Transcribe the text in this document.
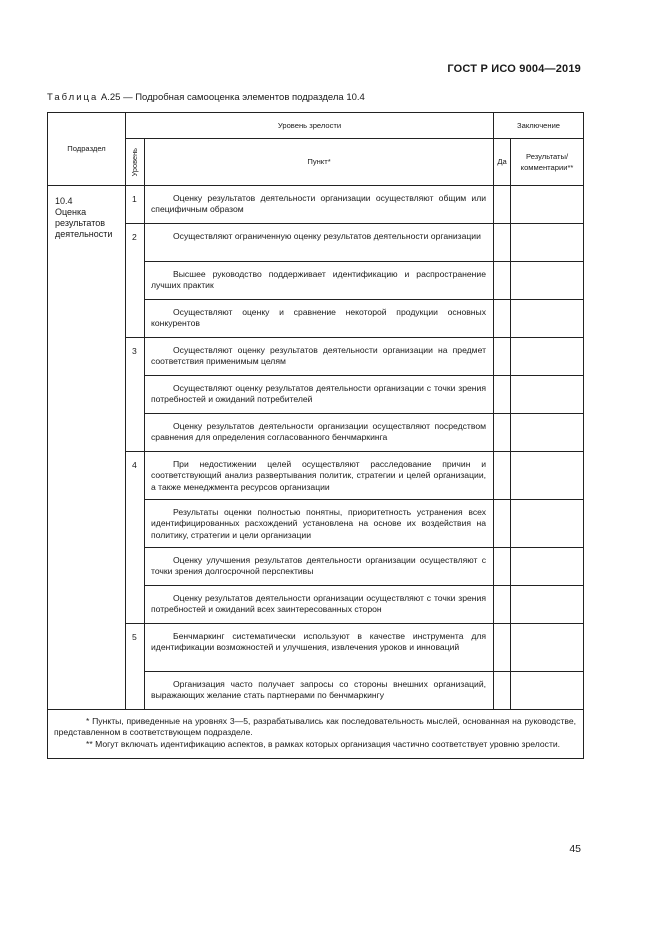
ГОСТ Р ИСО 9004—2019
Таблица А.25 — Подробная самооценка элементов подраздела 10.4
Подраздел	Уровень зрелости		Заключение	

	Уровень	Пункт*	Да	Результаты/ комментарии**

10.4
Оценка результатов деятельности	1	Оценку результатов деятельности организации осуществляют общим или специфичным образом		

	2	Осуществляют ограниченную оценку результатов деятельности организации		

		Высшее руководство поддерживает идентификацию и распространение лучших практик		

		Осуществляют оценку и сравнение некоторой продукции основных конкурентов		

	3	Осуществляют оценку результатов деятельности организации на предмет соответствия применимым целям		

		Осуществляют оценку результатов деятельности организации с точки зрения потребностей и ожиданий потребителей		

		Оценку результатов деятельности организации осуществляют посредством сравнения для определения согласованного бенчмаркинга		

	4	При недостижении целей осуществляют расследование причин и соответствующий анализ развертывания политик, стратегии и целей организации, а также менеджмента ресурсов организации		

		Результаты оценки полностью понятны, приоритетность устранения всех идентифицированных расхождений установлена на основе их воздействия на политику, стратегии и цели организации		

		Оценку улучшения результатов деятельности организации осуществляют с точки зрения долгосрочной перспективы		

		Оценку результатов деятельности организации осуществляют с точки зрения потребностей и ожиданий всех заинтересованных сторон		

	5	Бенчмаркинг систематически используют в качестве инструмента для идентификации возможностей и улучшения, извлечения уроков и инноваций		

		Организация часто получает запросы со стороны внешних организаций, выражающих желание стать партнерами по бенчмаркингу		

* Пункты, приведенные на уровнях 3—5, разрабатывались как последовательность мыслей, основанная на руководстве, представленном в соответствующем подразделе.

** Могут включать идентификацию аспектов, в рамках которых организация частично соответствует уровню зрелости.				

45
